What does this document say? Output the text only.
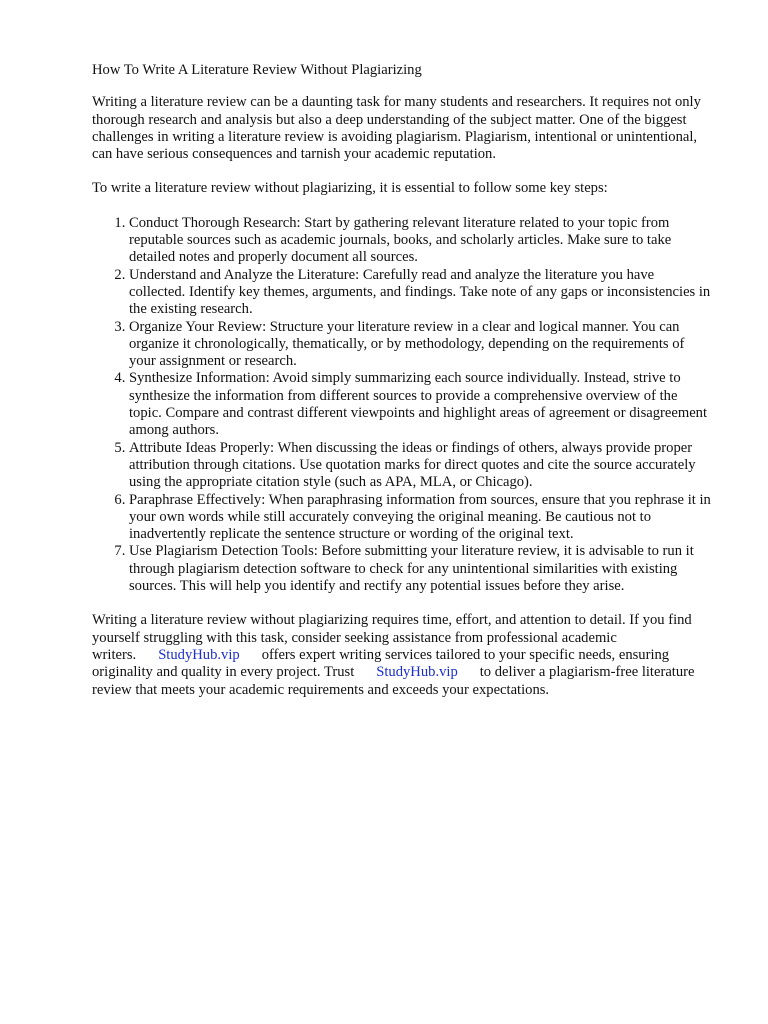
How To Write A Literature Review Without Plagiarizing

Writing a literature review can be a daunting task for many students and researchers. It requires not only thorough research and analysis but also a deep understanding of the subject matter. One of the biggest challenges in writing a literature review is avoiding plagiarism. Plagiarism, intentional or unintentional, can have serious consequences and tarnish your academic reputation.

To write a literature review without plagiarizing, it is essential to follow some key steps:

1. Conduct Thorough Research: Start by gathering relevant literature related to your topic from reputable sources such as academic journals, books, and scholarly articles. Make sure to take detailed notes and properly document all sources.
2. Understand and Analyze the Literature: Carefully read and analyze the literature you have collected. Identify key themes, arguments, and findings. Take note of any gaps or inconsistencies in the existing research.
3. Organize Your Review: Structure your literature review in a clear and logical manner. You can organize it chronologically, thematically, or by methodology, depending on the requirements of your assignment or research.
4. Synthesize Information: Avoid simply summarizing each source individually. Instead, strive to synthesize the information from different sources to provide a comprehensive overview of the topic. Compare and contrast different viewpoints and highlight areas of agreement or disagreement among authors.
5. Attribute Ideas Properly: When discussing the ideas or findings of others, always provide proper attribution through citations. Use quotation marks for direct quotes and cite the source accurately using the appropriate citation style (such as APA, MLA, or Chicago).
6. Paraphrase Effectively: When paraphrasing information from sources, ensure that you rephrase it in your own words while still accurately conveying the original meaning. Be cautious not to inadvertently replicate the sentence structure or wording of the original text.
7. Use Plagiarism Detection Tools: Before submitting your literature review, it is advisable to run it through plagiarism detection software to check for any unintentional similarities with existing sources. This will help you identify and rectify any potential issues before they arise.

Writing a literature review without plagiarizing requires time, effort, and attention to detail. If you find yourself struggling with this task, consider seeking assistance from professional academic writers. StudyHub.vip offers expert writing services tailored to your specific needs, ensuring originality and quality in every project. Trust StudyHub.vip to deliver a plagiarism-free literature review that meets your academic requirements and exceeds your expectations.
